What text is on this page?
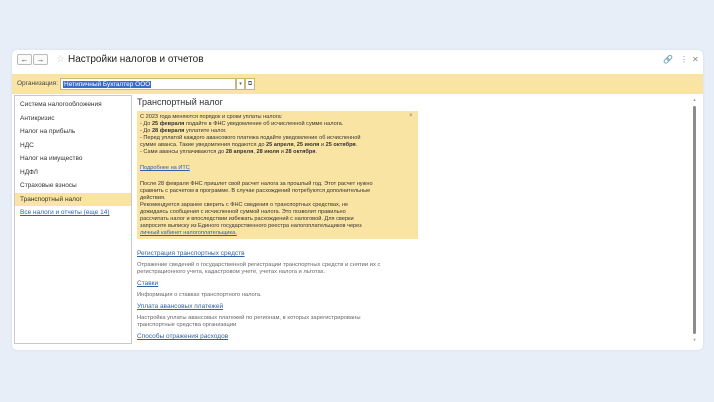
←	→	☆ Настройки налогов и отчетов	🔗 ⋮ ✕
Организация: Нетипичный Бухгалтер ООО	▾	⧉
Система налогообложения
Антикризис
Налог на прибыль
НДС
Налог на имущество
НДФЛ
Страховые взносы
Транспортный налог
Все налоги и отчеты (еще 14)
Транспортный налог
×
С 2023 года меняются порядок и сроки уплаты налога:
- До 25 февраля подайте в ФНС уведомление об исчисленной сумме налога.
- До 28 февраля уплатите налог.
- Перед уплатой каждого авансового платежа подайте уведомление об исчисленной
сумме аванса. Такие уведомления подаются до 25 апреля, 25 июля и 25 октября.
- Сами авансы уплачиваются до 28 апреля, 28 июля и 28 октября.
Подробнее на ИТС
После 28 февраля ФНС пришлет свой расчет налога за прошлый год. Этот расчет нужно
сравнить с расчетом в программе. В случае расхождений потребуются дополнительные
действия.
Рекомендуется заранее сверить с ФНС сведения о транспортных средствах, не
дожидаясь сообщения с исчисленной суммой налога. Это позволит правильно
рассчитать налог и впоследствии избежать расхождений с налоговой. Для сверки
запросите выписку из Единого государственного реестра налогоплательщиков через
личный кабинет налогоплательщика.
Регистрация транспортных средств
Отражение сведений о государственной регистрации транспортных средств и снятии их с
регистрационного учета, кадастровом учете, учетах налога и льготах.
Ставки
Информация о ставках транспортного налога.
Уплата авансовых платежей
Настройка уплаты авансовых платежей по регионам, в которых зарегистрированы
транспортные средства организации
Способы отражения расходов
▲
▼
